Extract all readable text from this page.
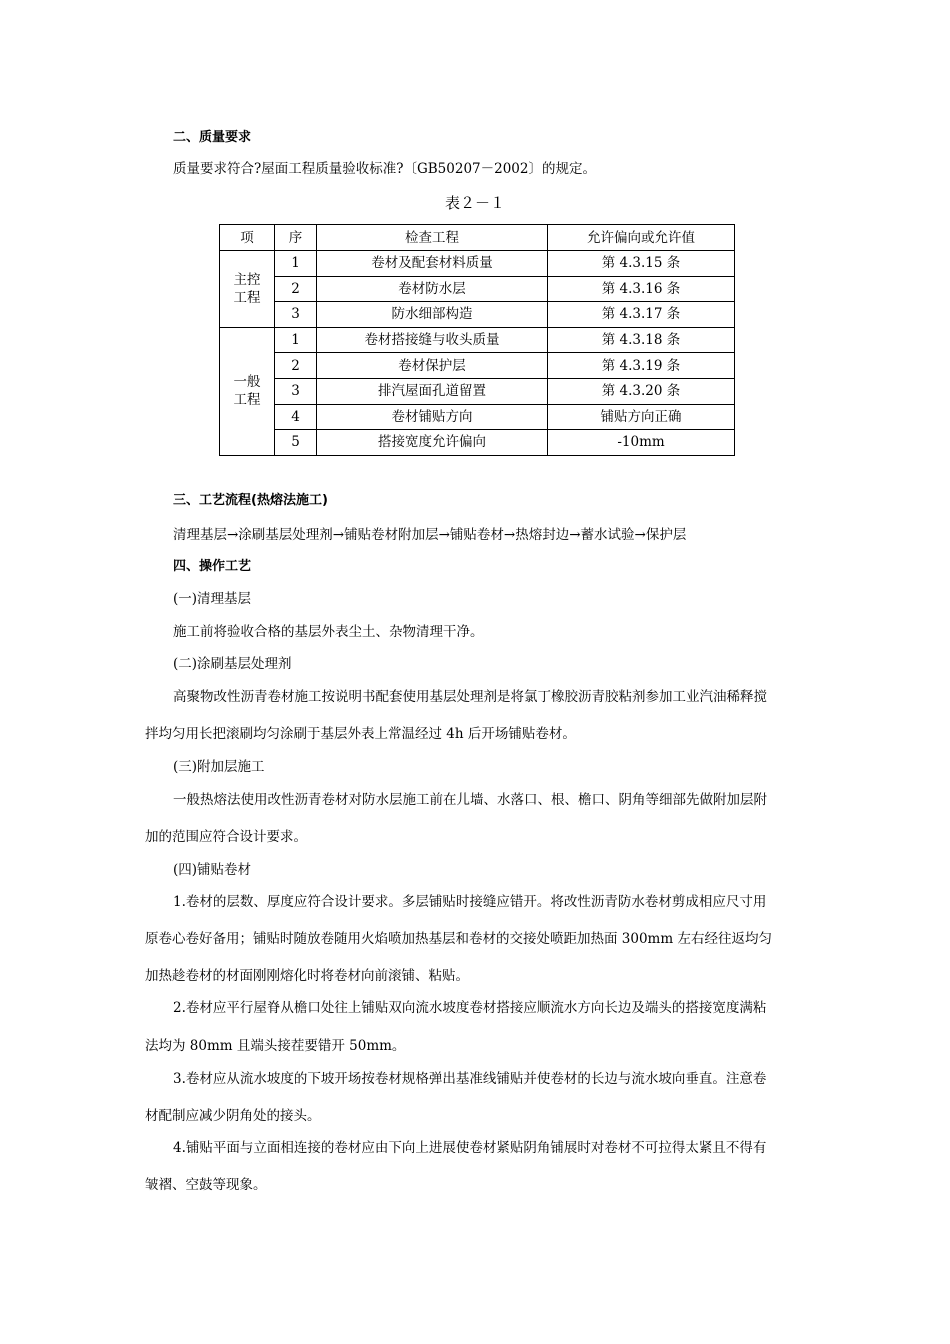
二、质量要求
质量要求符合?屋面工程质量验收标准?〔GB50207－2002〕的规定。
表２－１
项	序	检查工程	允许偏向或允许值

主控
工程	1	卷材及配套材料质量	第 4.3.15 条
	2	卷材防水层	第 4.3.16 条
	3	防水细部构造	第 4.3.17 条

一般
工程	1	卷材搭接缝与收头质量	第 4.3.18 条
	2	卷材保护层	第 4.3.19 条
	3	排汽屋面孔道留置	第 4.3.20 条
	4	卷材铺贴方向	铺贴方向正确
	5	搭接宽度允许偏向	-10mm
三、工艺流程(热熔法施工)
清理基层→涂刷基层处理剂→铺贴卷材附加层→铺贴卷材→热熔封边→蓄水试验→保护层
四、操作工艺
(一)清理基层
施工前将验收合格的基层外表尘土、杂物清理干净。
(二)涂刷基层处理剂
高聚物改性沥青卷材施工按说明书配套使用基层处理剂是将氯丁橡胶沥青胶粘剂参加工业汽油稀释搅
拌均匀用长把滚刷均匀涂刷于基层外表上常温经过 4h 后开场铺贴卷材。
(三)附加层施工
一般热熔法使用改性沥青卷材对防水层施工前在儿墙、水落口、根、檐口、阴角等细部先做附加层附
加的范围应符合设计要求。
(四)铺贴卷材
1.卷材的层数、厚度应符合设计要求。多层铺贴时接缝应错开。将改性沥青防水卷材剪成相应尺寸用
原卷心卷好备用；铺贴时随放卷随用火焰喷加热基层和卷材的交接处喷距加热面 300mm 左右经往返均匀
加热趁卷材的材面刚刚熔化时将卷材向前滚铺、粘贴。
2.卷材应平行屋脊从檐口处往上铺贴双向流水坡度卷材搭接应顺流水方向长边及端头的搭接宽度满粘
法均为 80mm 且端头接茬要错开 50mm。
3.卷材应从流水坡度的下坡开场按卷材规格弹出基准线铺贴并使卷材的长边与流水坡向垂直。注意卷
材配制应减少阴角处的接头。
4.铺贴平面与立面相连接的卷材应由下向上进展使卷材紧贴阴角铺展时对卷材不可拉得太紧且不得有
皱褶、空鼓等现象。
